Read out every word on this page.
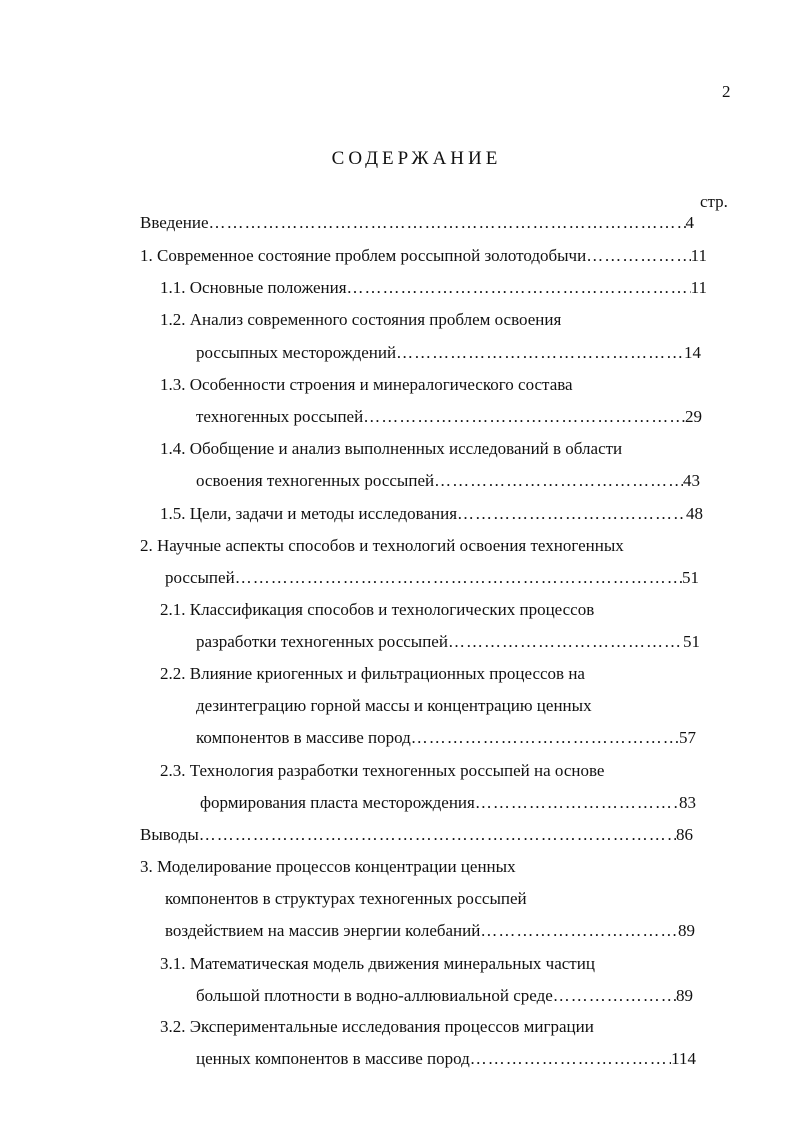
2
СОДЕРЖАНИЕ
стр.
Введение ………………………………………………………………………………………………………………………………	4
1. Современное состояние проблем россыпной золотодобычи ………………………………………………………………………………………………………………………………	11
1.1. Основные положения ………………………………………………………………………………………………………………………………	11
1.2. Анализ современного состояния проблем освоения
россыпных месторождений ………………………………………………………………………………………………………………………………	14
1.3. Особенности строения и минералогического состава
техногенных россыпей ………………………………………………………………………………………………………………………………	29
1.4. Обобщение и анализ выполненных исследований в области
освоения техногенных россыпей ………………………………………………………………………………………………………………………………	43
1.5. Цели, задачи и методы исследования ………………………………………………………………………………………………………………………………	48
2. Научные аспекты способов и технологий освоения техногенных
россыпей ………………………………………………………………………………………………………………………………	51
2.1. Классификация способов и технологических процессов
разработки техногенных россыпей ………………………………………………………………………………………………………………………………	51
2.2. Влияние криогенных и фильтрационных процессов на
дезинтеграцию горной массы и концентрацию ценных
компонентов в массиве пород ………………………………………………………………………………………………………………………………	57
2.3. Технология разработки техногенных россыпей на основе
формирования пласта месторождения ………………………………………………………………………………………………………………………………	83
Выводы ………………………………………………………………………………………………………………………………	86
3. Моделирование процессов концентрации ценных
компонентов в структурах техногенных россыпей
воздействием на массив энергии колебаний ………………………………………………………………………………………………………………………………	89
3.1. Математическая модель движения минеральных частиц
большой плотности в водно-аллювиальной среде ………………………………………………………………………………………………………………………………	89
3.2. Экспериментальные исследования процессов миграции
ценных компонентов в массиве пород ………………………………………………………………………………………………………………………………	114
